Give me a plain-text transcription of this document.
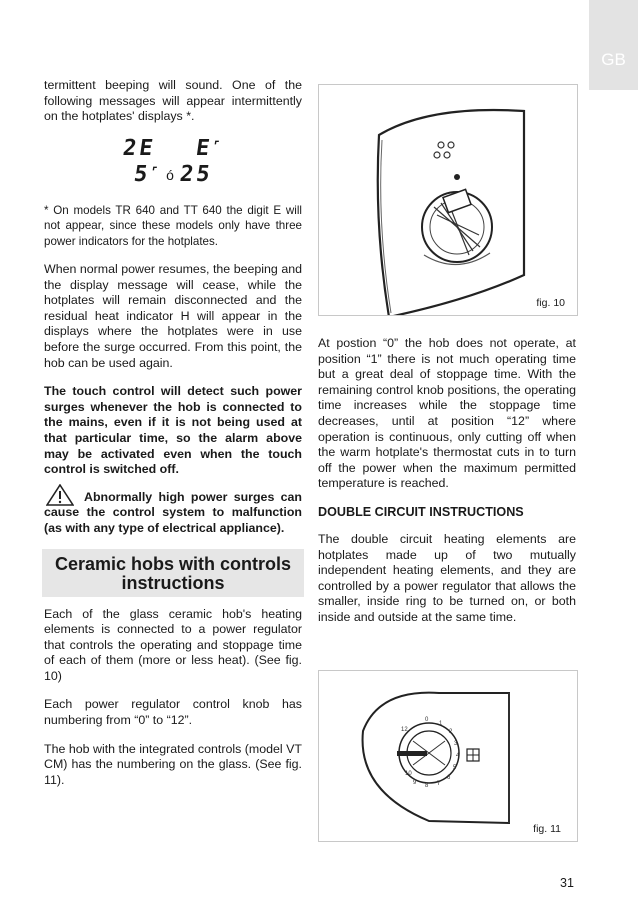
GB

termittent beeping will sound. One of the following messages will appear intermittently on the hotplates' displays *.

2E E˹
5˹ ó 25

* On models TR 640 and TT 640 the digit E will not appear, since these models only have three power indicators for the hotplates.

When normal power resumes, the beeping and the display message will cease, while the hotplates will remain disconnected and the residual heat indicator H will appear in the displays where the hotplates were in use before the surge occurred. From this point, the hob can be used again.

The touch control will detect such power surges whenever the hob is connected to the mains, even if it is not being used at that particular time, so the alarm above may be activated even when the touch control is switched off.

Abnormally high power surges can cause the control system to malfunction (as with any type of electrical appliance).

Ceramic hobs with controls instructions

Each of the glass ceramic hob's heating elements is connected to a power regulator that controls the operating and stoppage time of each of them (more or less heat). (See fig. 10)

Each power regulator control knob has numbering from “0” to “12”.

The hob with the integrated controls (model VT CM) has the numbering on the glass. (See fig. 11).

fig. 10

At postion “0” the hob does not operate, at position “1” there is not much operating time but a great deal of stoppage time. With the remaining control knob positions, the operating time increases while the stoppage time decreases, until at position “12” where operation is continuous, only cutting off when the warm hotplate's thermostat cuts in to turn off the power when the maximum permitted temperature is reached.

DOUBLE CIRCUIT INSTRUCTIONS

The double circuit heating elements are hotplates made up of two mutually independent heating elements, and they are controlled by a power regulator that allows the smaller, inside ring to be turned on, or both inside and outside at the same time.

0
1
2
3
4
5
6
7
8
9
10
12
fig. 11
31
